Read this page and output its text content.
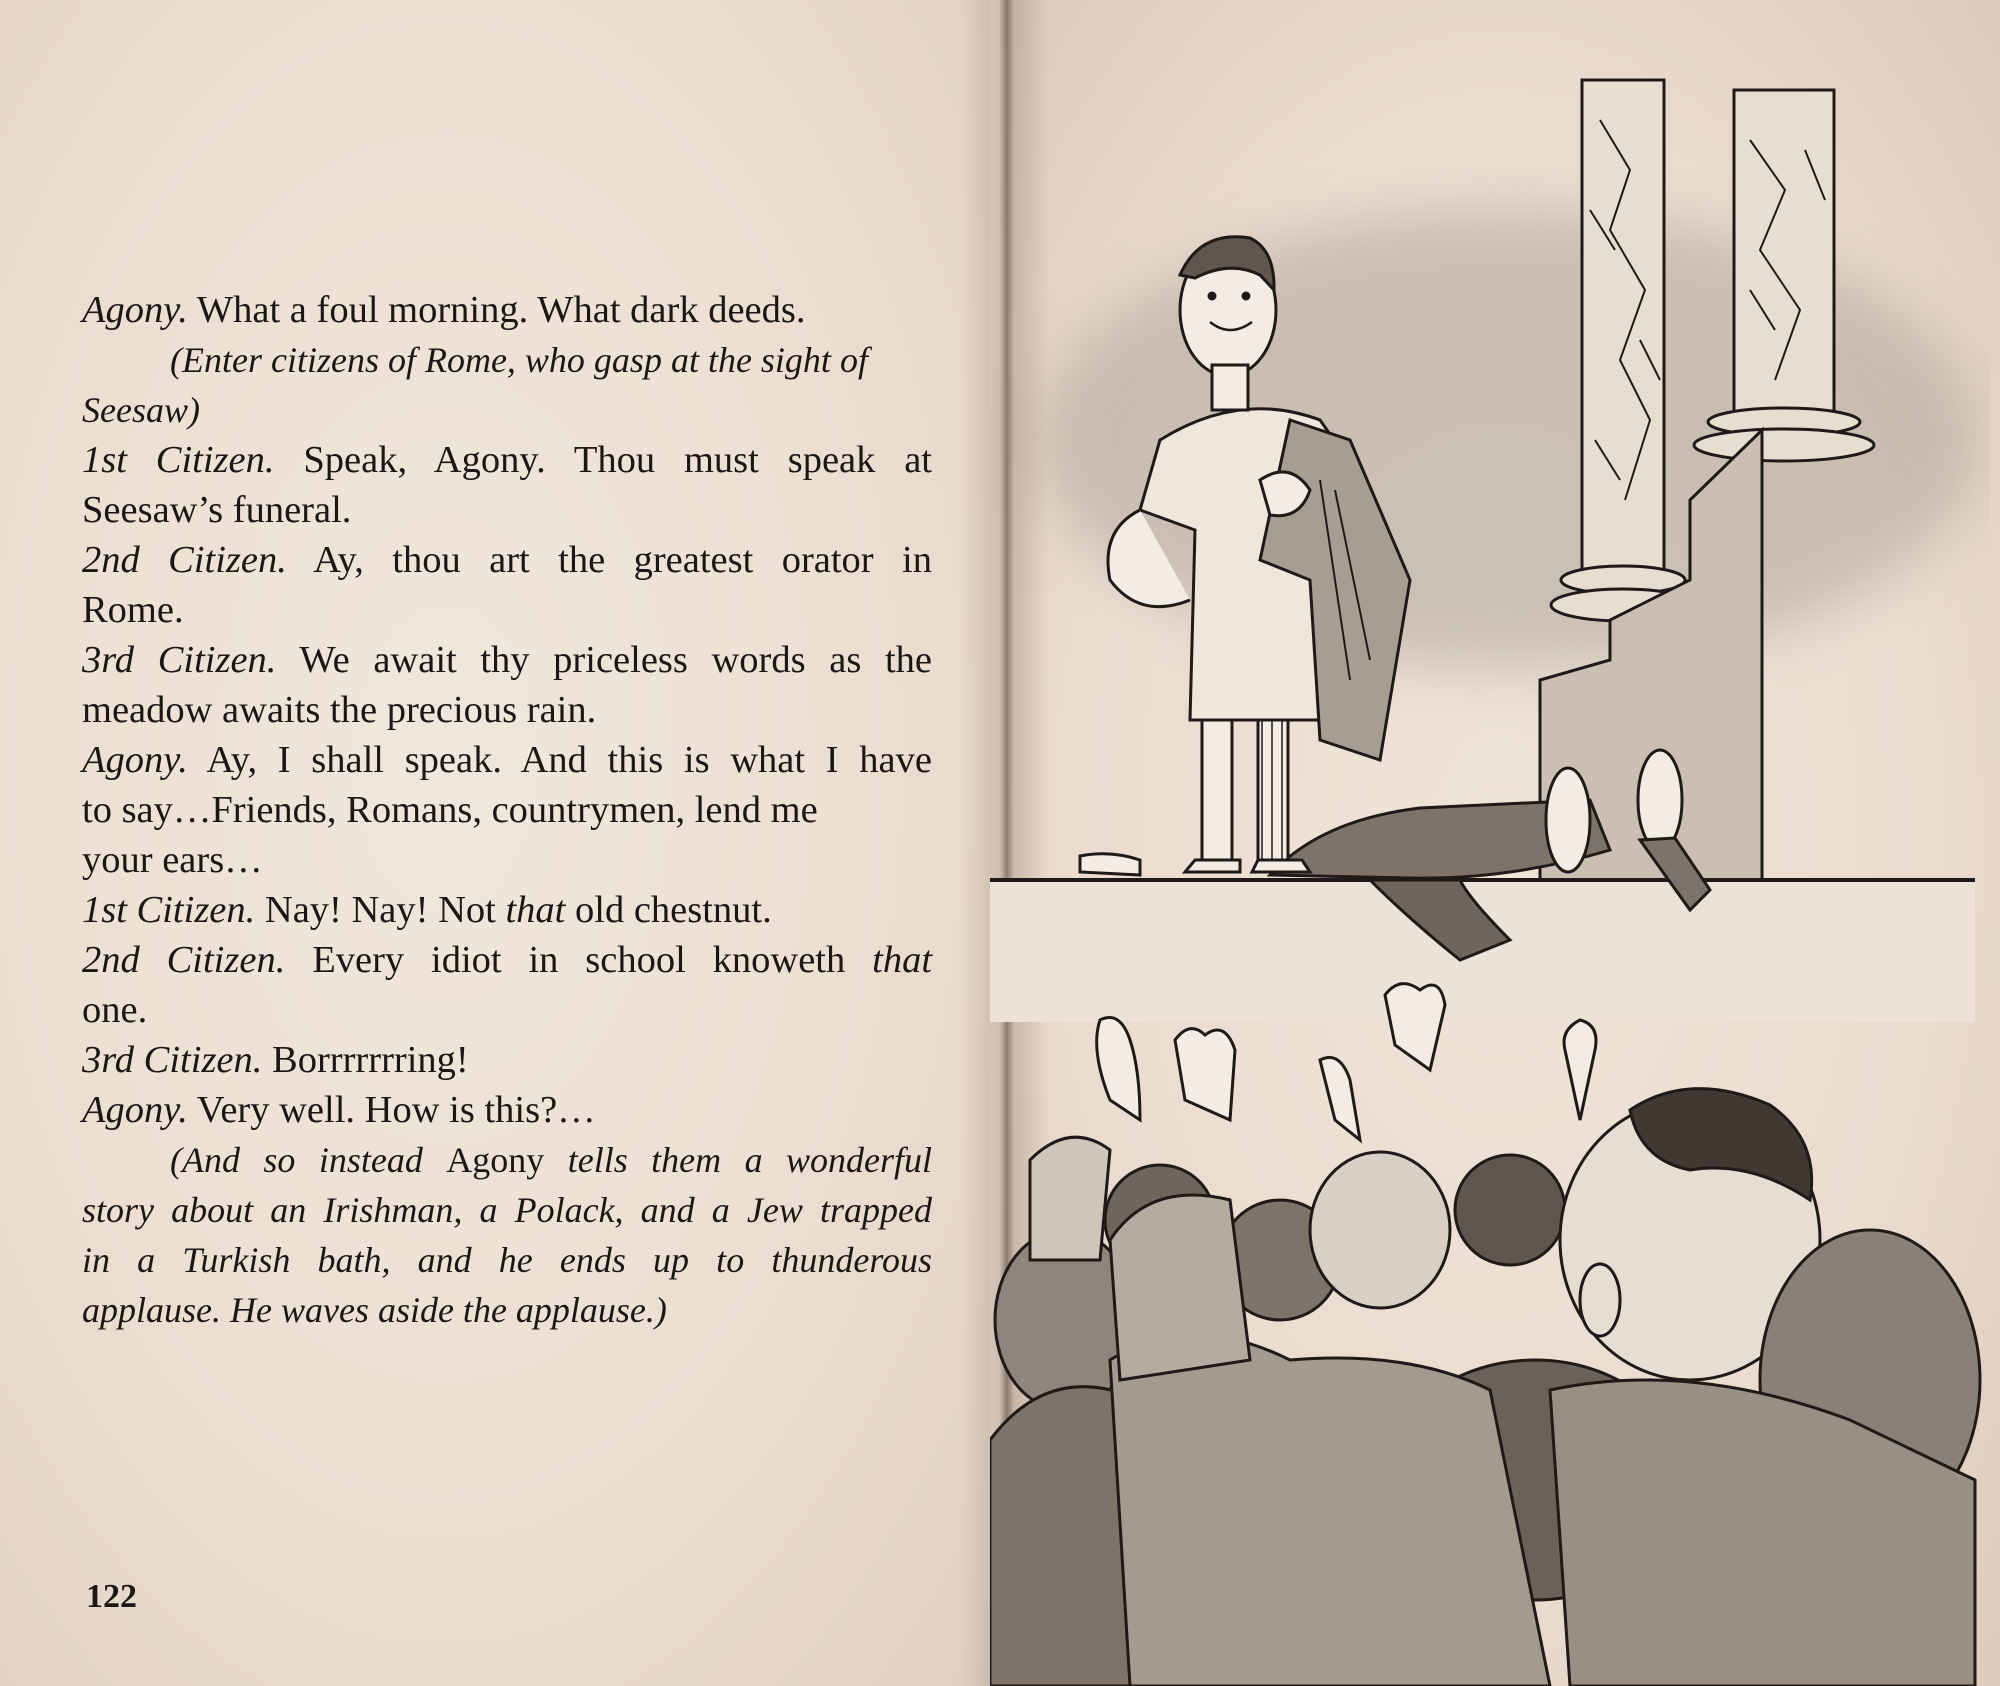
Agony. What a foul morning. What dark deeds.
(Enter citizens of Rome, who gasp at the sight of
Seesaw)
1st Citizen. Speak, Agony. Thou must speak at
Seesaw’s funeral.
2nd Citizen. Ay, thou art the greatest orator in
Rome.
3rd Citizen. We await thy priceless words as the
meadow awaits the precious rain.
Agony. Ay, I shall speak. And this is what I have
to say…Friends, Romans, countrymen, lend me
your ears…
1st Citizen. Nay! Nay! Not that old chestnut.
2nd Citizen. Every idiot in school knoweth that
one.
3rd Citizen. Borrrrrrring!
Agony. Very well. How is this?…
(And so instead Agony tells them a wonderful
story about an Irishman, a Polack, and a Jew trapped
in a Turkish bath, and he ends up to thunderous
applause. He waves aside the applause.)
122
